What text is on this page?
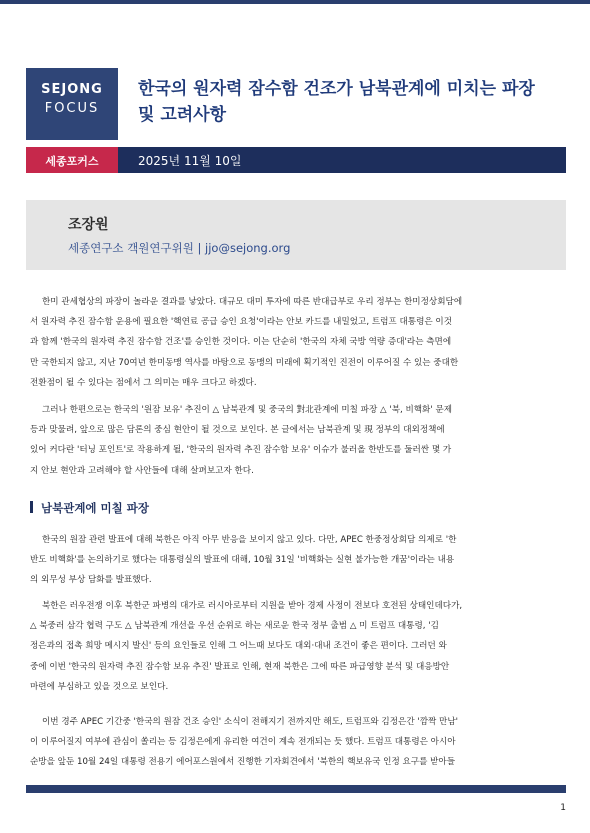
SEJONG
FOCUS
한국의 원자력 잠수함 건조가 남북관계에 미치는 파장
및 고려사항
세종포커스	2025년 11월 10일
조장원
세종연구소 객원연구위원 | jjo@sejong.org

한미 관세협상의 파장이 놀라운 결과를 낳았다. 대규모 대미 투자에 따른 반대급부로 우리 정부는 한미정상회담에
서 원자력 추진 잠수함 운용에 필요한 '핵연료 공급 승인 요청'이라는 안보 카드를 내밀었고, 트럼프 대통령은 이것
과 함께 '한국의 원자력 추진 잠수함 건조'를 승인한 것이다. 이는 단순히 '한국의 자체 국방 역량 증대'라는 측면에
만 국한되지 않고, 지난 70여년 한미동맹 역사를 바탕으로 동맹의 미래에 획기적인 진전이 이루어질 수 있는 중대한
전환점이 될 수 있다는 점에서 그 의미는 매우 크다고 하겠다.

그러나 한편으로는 한국의 '원잠 보유' 추진이 △ 남북관계 및 중국의 對北관계에 미칠 파장 △ '북, 비핵화' 문제
등과 맞물려, 앞으로 많은 담론의 중심 현안이 될 것으로 보인다. 본 글에서는 남북관계 및 現 정부의 대외정책에
있어 커다란 '터닝 포인트'로 작용하게 될, '한국의 원자력 추진 잠수함 보유' 이슈가 불러올 한반도를 둘러싼 몇 가
지 안보 현안과 고려해야 할 사안들에 대해 살펴보고자 한다.

남북관계에 미칠 파장

한국의 원잠 관련 발표에 대해 북한은 아직 아무 반응을 보이지 않고 있다. 다만, APEC 한중정상회담 의제로 '한
반도 비핵화'를 논의하기로 했다는 대통령실의 발표에 대해, 10월 31일 '비핵화는 실현 불가능한 개꿈'이라는 내용
의 외무성 부상 담화를 발표했다.

북한은 러우전쟁 이후 북한군 파병의 대가로 러시아로부터 지원을 받아 경제 사정이 전보다 호전된 상태인데다가,
△ 북중러 삼각 협력 구도 △ 남북관계 개선을 우선 순위로 하는 새로운 한국 정부 출범 △ 미 트럼프 대통령, '김
정은과의 접촉 희망 메시지 발신' 등의 요인들로 인해 그 어느때 보다도 대외·대내 조건이 좋은 편이다. 그러던 와
중에 이번 '한국의 원자력 추진 잠수함 보유 추진' 발표로 인해, 현재 북한은 그에 따른 파급영향 분석 및 대응방안
마련에 부심하고 있을 것으로 보인다.

이번 경주 APEC 기간중 '한국의 원잠 건조 승인' 소식이 전해지기 전까지만 해도, 트럼프와 김정은간 '깜짝 만남'
이 이루어질지 여부에 관심이 쏠리는 등 김정은에게 유리한 여건이 계속 전개되는 듯 했다. 트럼프 대통령은 아시아
순방을 앞둔 10월 24일 대통령 전용기 에어포스원에서 진행한 기자회견에서 '북한의 핵보유국 인정 요구를 받아들

1
